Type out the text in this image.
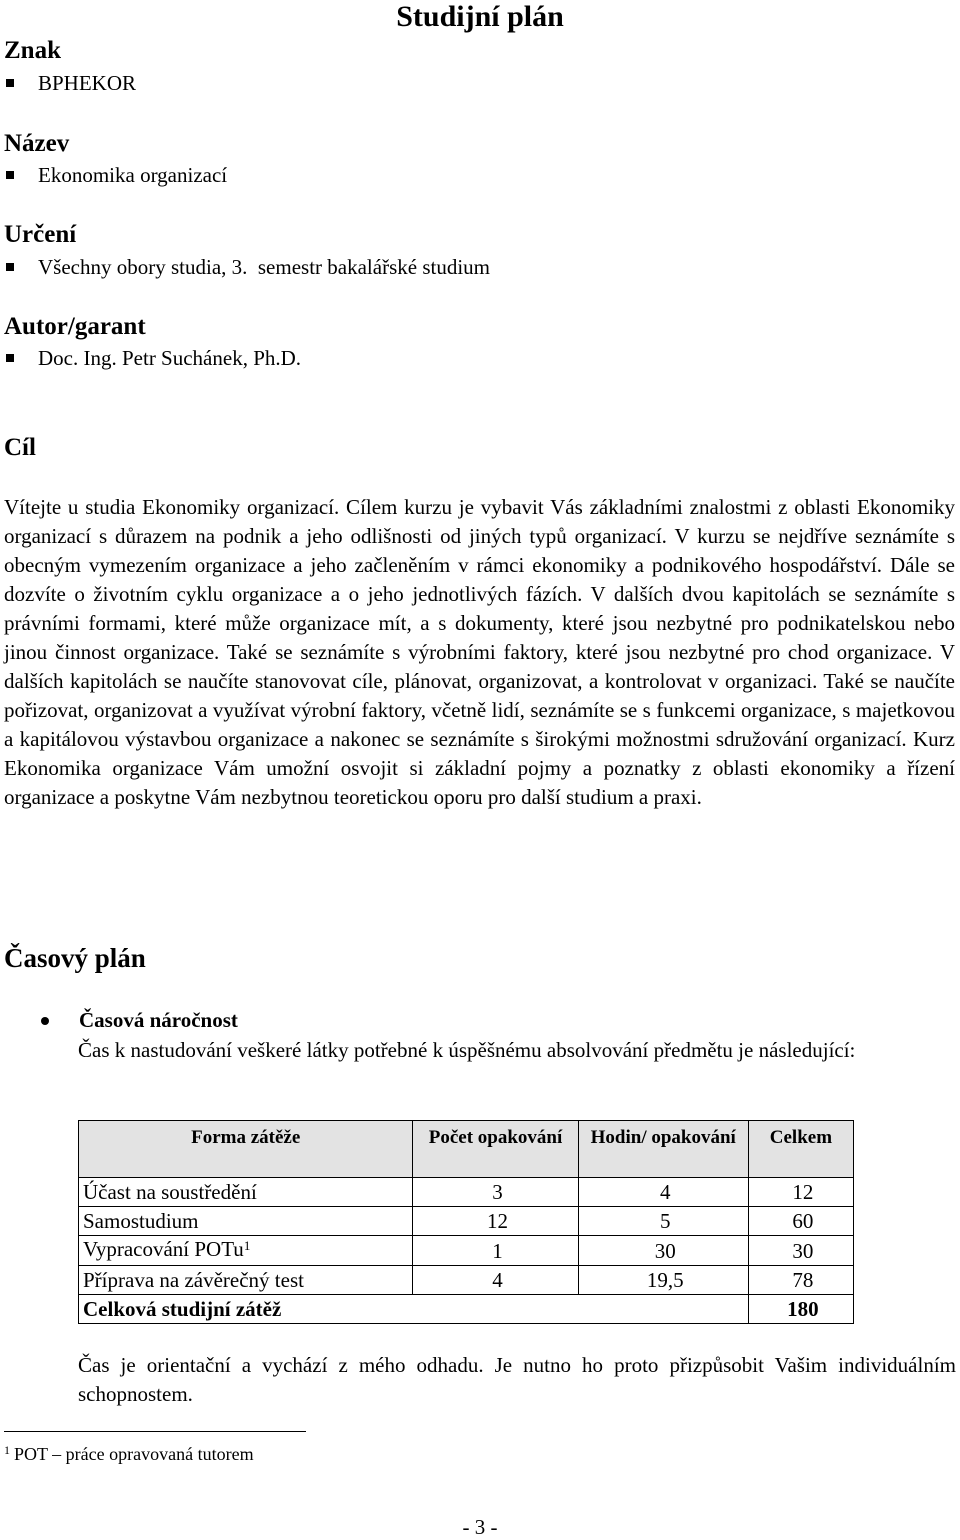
Studijní plán
Znak
BPHEKOR
Název
Ekonomika organizací
Určení
Všechny obory studia, 3.  semestr bakalářské studium
Autor/garant
Doc. Ing. Petr Suchánek, Ph.D.
Cíl

Vítejte u studia Ekonomiky organizací. Cílem kurzu je vybavit Vás základními znalostmi z oblasti Ekonomiky organizací s důrazem na podnik a jeho odlišnosti od jiných typů organizací. V kurzu se nejdříve seznámíte s obecným vymezením organizace a jeho začleněním v rámci ekonomiky a podnikového hospodářství. Dále se dozvíte o životním cyklu organizace a o jeho jednotlivých fázích. V dalších dvou kapitolách se seznámíte s právními formami, které může organizace mít, a s dokumenty, které jsou nezbytné pro podnikatelskou nebo jinou činnost organizace. Také se seznámíte s výrobními faktory, které jsou nezbytné pro chod organizace. V dalších kapitolách se naučíte stanovovat cíle, plánovat, organizovat, a kontrolovat v organizaci. Také se naučíte pořizovat, organizovat a využívat výrobní faktory, včetně lidí, seznámíte se s funkcemi organizace, s majetkovou a kapitálovou výstavbou organizace a nakonec se seznámíte s širokými možnostmi sdružování organizací. Kurz Ekonomika organizace Vám umožní osvojit si základní pojmy a poznatky z oblasti ekonomiky a řízení organizace a poskytne Vám nezbytnou teoretickou oporu pro další studium a praxi.

Časový plán
Časová náročnost
Čas k nastudování veškeré látky potřebné k úspěšnému absolvování předmětu je následující:
Forma zátěže	Počet opakování	Hodin/ opakování	Celkem
Účast na soustředění	3	4	12
Samostudium	12	5	60
Vypracování POTu$^1$	1	30	30
Příprava na závěrečný test	4	19,5	78
Celková studijní zátěž			180
Čas je orientační a vychází z mého odhadu. Je nutno ho proto přizpůsobit Vašim individuálním schopnostem.
$^1$ POT – práce opravovaná tutorem
- 3 -
